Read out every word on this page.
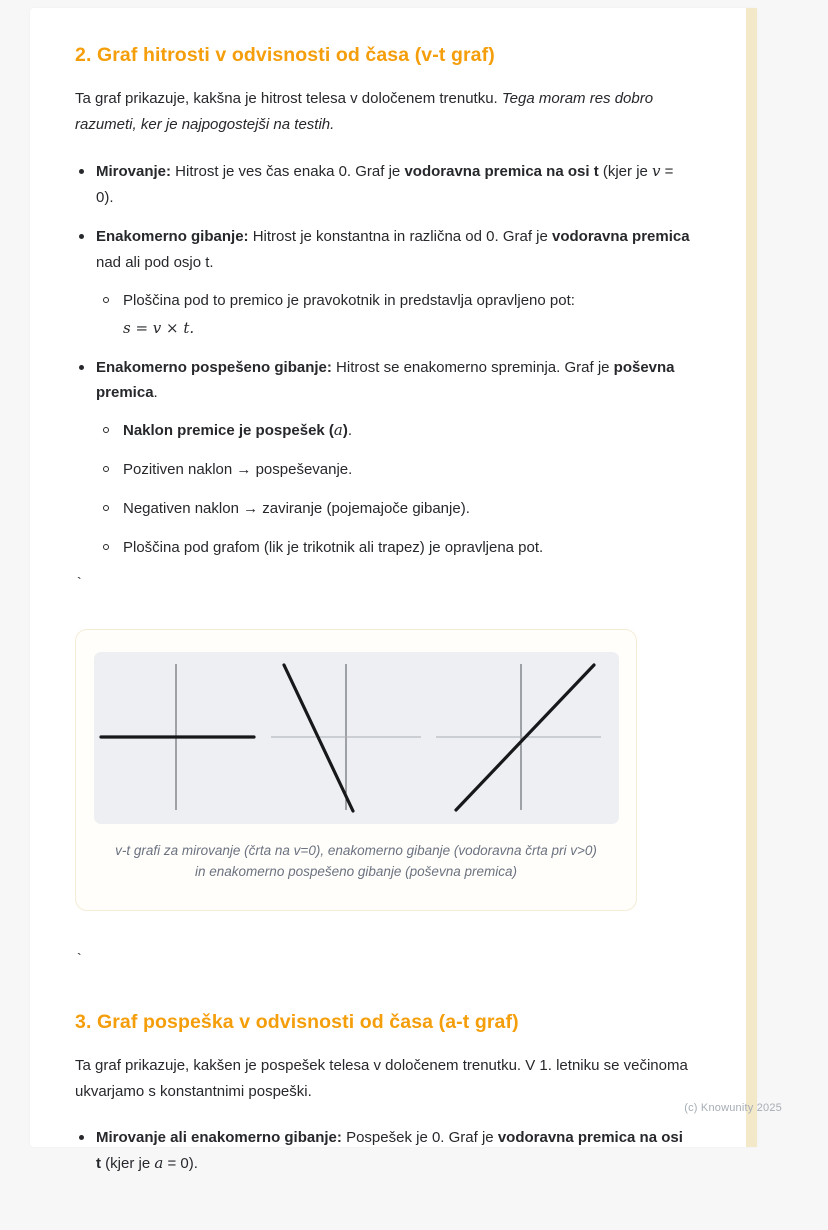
2. Graf hitrosti v odvisnosti od časa (v-t graf)

Ta graf prikazuje, kakšna je hitrost telesa v določenem trenutku. Tega moram res dobro razumeti, ker je najpogostejši na testih.

Mirovanje: Hitrost je ves čas enaka 0. Graf je vodoravna premica na osi t (kjer je v = 0).
Enakomerno gibanje: Hitrost je konstantna in različna od 0. Graf je vodoravna premica nad ali pod osjo t.
Ploščina pod to premico je pravokotnik in predstavlja opravljeno pot:
s = v × t.
Enakomerno pospešeno gibanje: Hitrost se enakomerno spreminja. Graf je poševna premica.
Naklon premice je pospešek (a).
Pozitiven naklon → pospeševanje.
Negativen naklon → zaviranje (pojemajoče gibanje).
Ploščina pod grafom (lik je trikotnik ali trapez) je opravljena pot.

`

v-t grafi za mirovanje (črta na v=0), enakomerno gibanje (vodoravna črta pri v>0) in enakomerno pospešeno gibanje (poševna premica)

`

3. Graf pospeška v odvisnosti od časa (a-t graf)

Ta graf prikazuje, kakšen je pospešek telesa v določenem trenutku. V 1. letniku se večinoma ukvarjamo s konstantnimi pospeški.

Mirovanje ali enakomerno gibanje: Pospešek je 0. Graf je vodoravna premica na osi t (kjer je a = 0).
(c) Knowunity 2025
